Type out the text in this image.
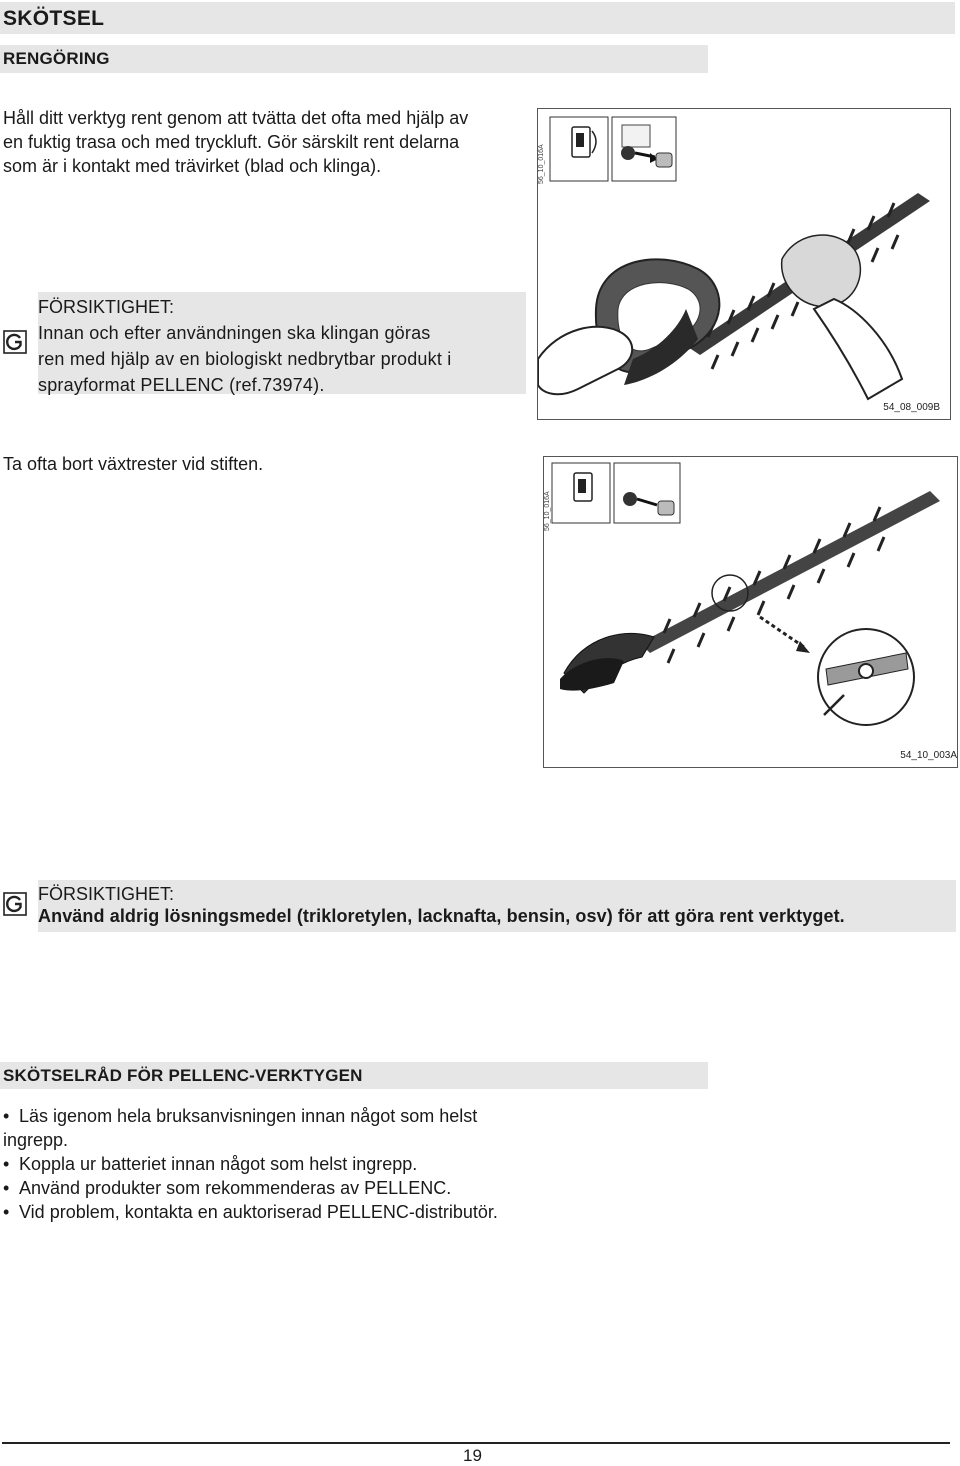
SKÖTSEL
RENGÖRING
Håll ditt verktyg rent genom att tvätta det ofta med hjälp av
en fuktig trasa och med tryckluft. Gör särskilt rent delarna
som är i kontakt med trävirket (blad och klinga).
FÖRSIKTIGHET:
Innan och efter användningen ska klingan göras
ren med hjälp av en biologiskt nedbrytbar produkt i
sprayformat PELLENC (ref.73974).
56_10_016A
54_08_009B
Ta ofta bort växtrester vid stiften.
56_10_016A
54_10_003A
FÖRSIKTIGHET:
Använd aldrig lösningsmedel (trikloretylen, lacknafta, bensin, osv) för att göra rent verktyget.
SKÖTSELRÅD FÖR PELLENC-VERKTYGEN
• Läs igenom hela bruksanvisningen innan något som helst
ingrepp.
• Koppla ur batteriet innan något som helst ingrepp.
• Använd produkter som rekommenderas av PELLENC.
• Vid problem, kontakta en auktoriserad PELLENC-distributör.
19
